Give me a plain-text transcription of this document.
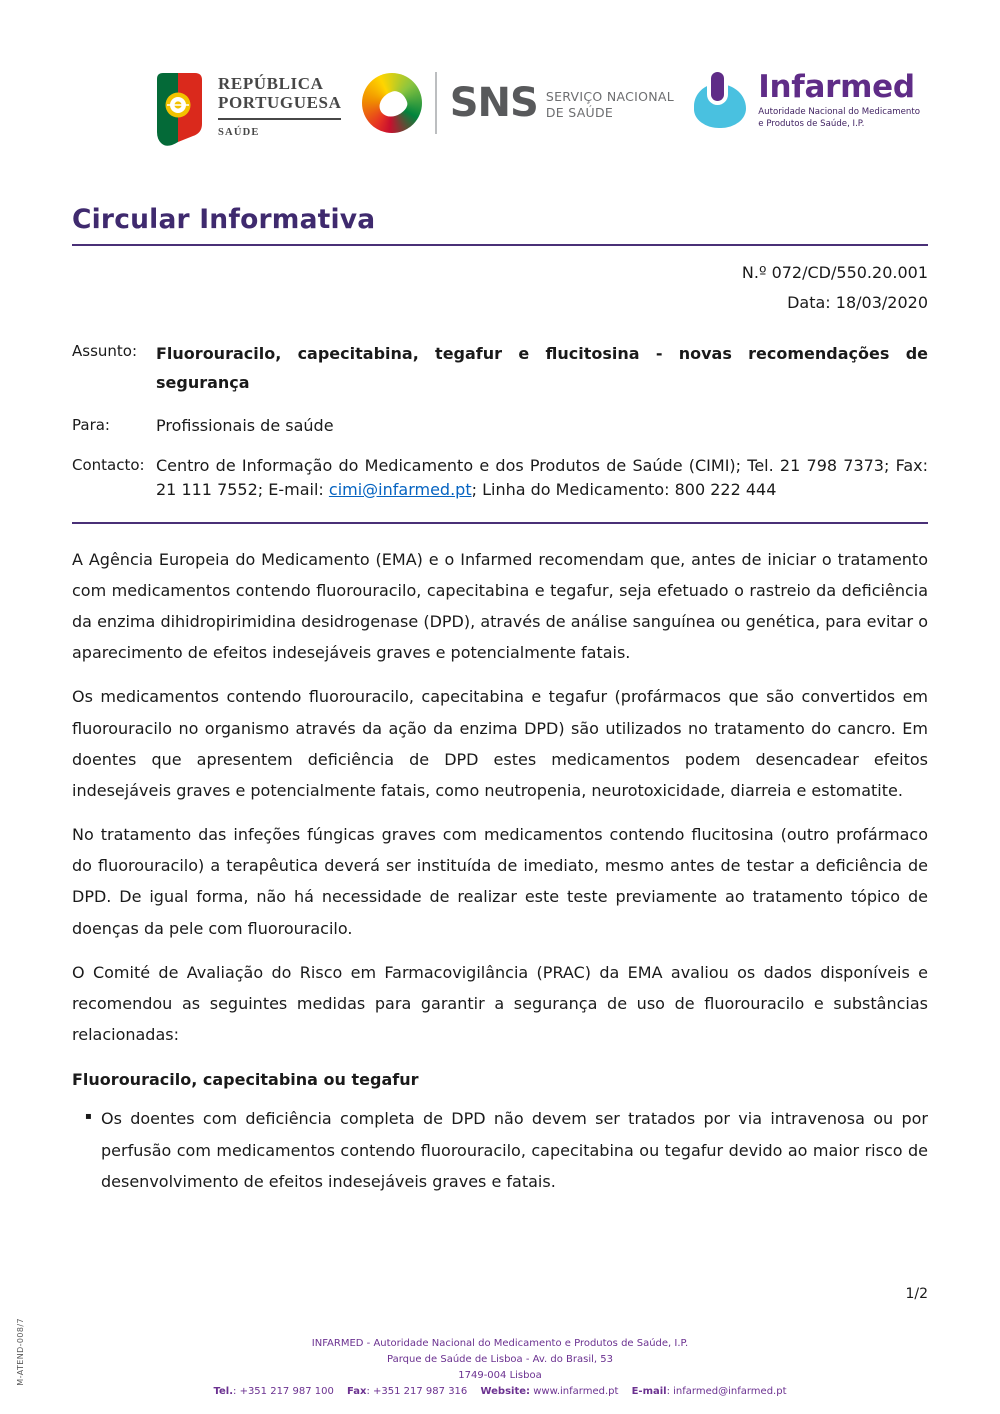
REPÚBLICA
PORTUGUESA
SAÚDE
SNS SERVIÇO NACIONAL
DE SAÚDE
Infarmed
Autoridade Nacional do Medicamento
e Produtos de Saúde, I.P.
Circular Informativa
N.º 072/CD/550.20.001
Data: 18/03/2020
Assunto:	Fluorouracilo, capecitabina, tegafur e flucitosina - novas recomendações de segurança
Para:	Profissionais de saúde
Contacto: Centro de Informação do Medicamento e dos Produtos de Saúde (CIMI); Tel. 21 798 7373; Fax: 21 111 7552; E-mail: cimi@infarmed.pt; Linha do Medicamento: 800 222 444

A Agência Europeia do Medicamento (EMA) e o Infarmed recomendam que, antes de iniciar o tratamento com medicamentos contendo fluorouracilo, capecitabina e tegafur, seja efetuado o rastreio da deficiência da enzima dihidropirimidina desidrogenase (DPD), através de análise sanguínea ou genética, para evitar o aparecimento de efeitos indesejáveis graves e potencialmente fatais.

Os medicamentos contendo fluorouracilo, capecitabina e tegafur (profármacos que são convertidos em fluorouracilo no organismo através da ação da enzima DPD) são utilizados no tratamento do cancro. Em doentes que apresentem deficiência de DPD estes medicamentos podem desencadear efeitos indesejáveis graves e potencialmente fatais, como neutropenia, neurotoxicidade, diarreia e estomatite.

No tratamento das infeções fúngicas graves com medicamentos contendo flucitosina (outro profármaco do fluorouracilo) a terapêutica deverá ser instituída de imediato, mesmo antes de testar a deficiência de DPD. De igual forma, não há necessidade de realizar este teste previamente ao tratamento tópico de doenças da pele com fluorouracilo.

O Comité de Avaliação do Risco em Farmacovigilância (PRAC) da EMA avaliou os dados disponíveis e recomendou as seguintes medidas para garantir a segurança de uso de fluorouracilo e substâncias relacionadas:

Fluorouracilo, capecitabina ou tegafur
▪ Os doentes com deficiência completa de DPD não devem ser tratados por via intravenosa ou por perfusão com medicamentos contendo fluorouracilo, capecitabina ou tegafur devido ao maior risco de desenvolvimento de efeitos indesejáveis graves e fatais.
1/2
M-ATEND-008/7	INFARMED - Autoridade Nacional do Medicamento e Produtos de Saúde, I.P.
Parque de Saúde de Lisboa - Av. do Brasil, 53
1749-004 Lisboa
Tel.: +351 217 987 100 Fax: +351 217 987 316 Website: www.infarmed.pt E-mail: infarmed@infarmed.pt
